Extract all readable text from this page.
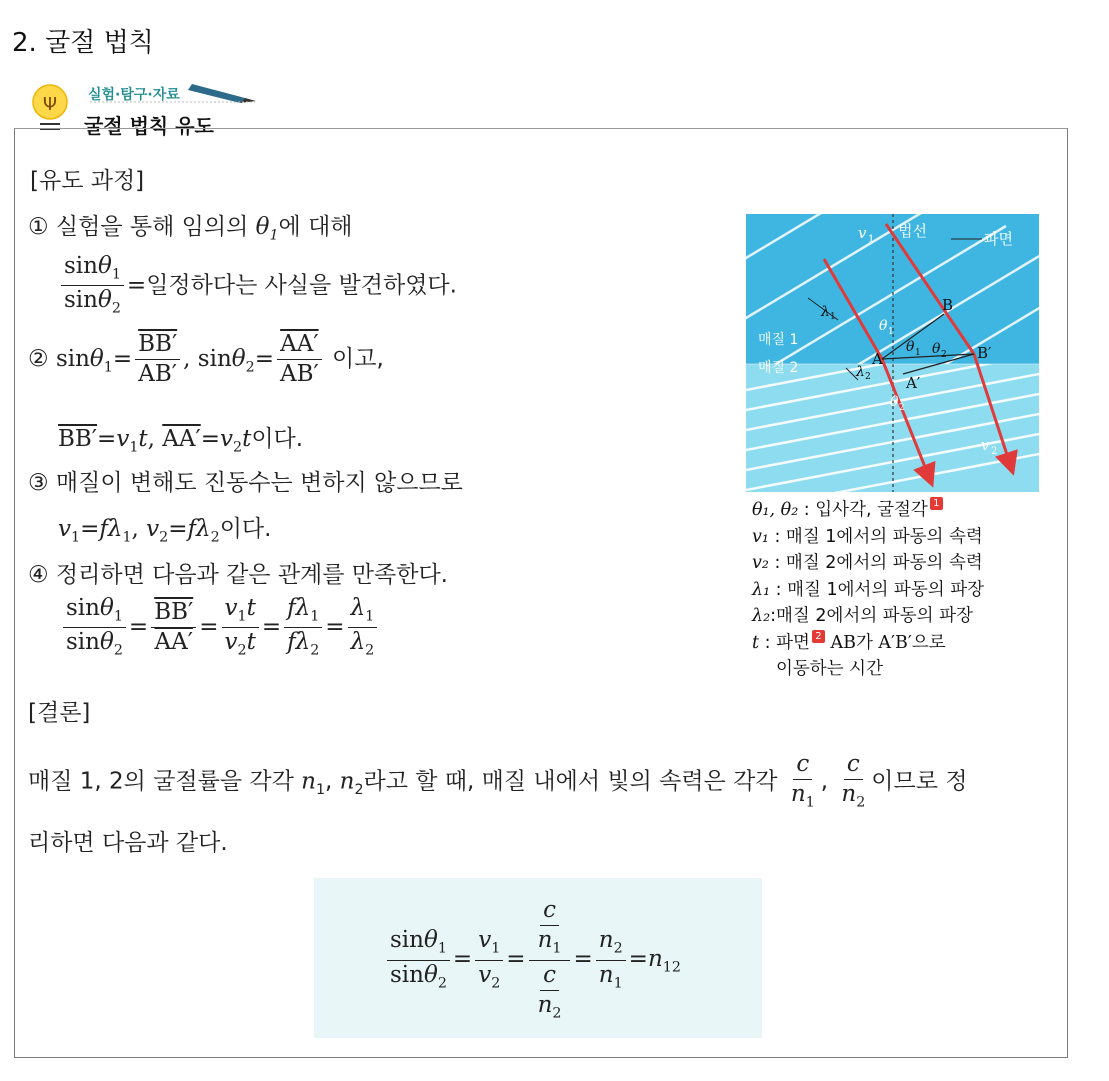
2. 굴절 법칙
Ψ 실험·탐구·자료
굴절 법칙 유도
[유도 과정]
① 실험을 통해 임의의 $\theta_1$에 대해
$\frac{\sin\theta_1}{\sin\theta_2}$ =일정하다는 사실을 발견하였다.
② $\sin\theta_1= \frac{BB'}{AB'}$ , $\sin\theta_2= \frac{AA'}{AB'}$ 이고,
$BB'=v_1t$, $AA'=v_2t$이다.
③ 매질이 변해도 진동수는 변하지 않으므로
$v_1=f\lambda_1$, $v_2=f\lambda_2$이다.
④ 정리하면 다음과 같은 관계를 만족한다.
$\frac{\sin\theta_1}{\sin\theta_2} = \frac{BB'}{AA'} = \frac{v_1t}{v_2t} = \frac{f\lambda_1}{f\lambda_2} = \frac{\lambda_1}{\lambda_2}$
[결론]
매질 1, 2의 굴절률을 각각 $n_1$, $n_2$라고 할 때, 매질 내에서 빛의 속력은 각각 $\frac{c}{n_1}$ , $\frac{c}{n_2}$ 이므로 정
리하면 다음과 같다.
$\frac{\sin\theta_1}{\sin\theta_2} = \frac{v_1}{v_2} = \frac{\frac{c}{n_1}}{\frac{c}{n_2}} = \frac{n_2}{n_1} =n_{12}$
v 1 법선	파면
λ 1
B
θ 1
θ 1 θ 2 B′
매질 1
매질 2	λ 2
A
A′
θ 2
v 2
θ₁, θ₂ : 입사각, 굴절각 1
v₁ : 매질 1에서의 파동의 속력
v₂ : 매질 2에서의 파동의 속력
λ₁ : 매질 1에서의 파동의 파장
λ₂:매질 2에서의 파동의 파장
t : 파면 2 AB가 A′B′으로
이동하는 시간
